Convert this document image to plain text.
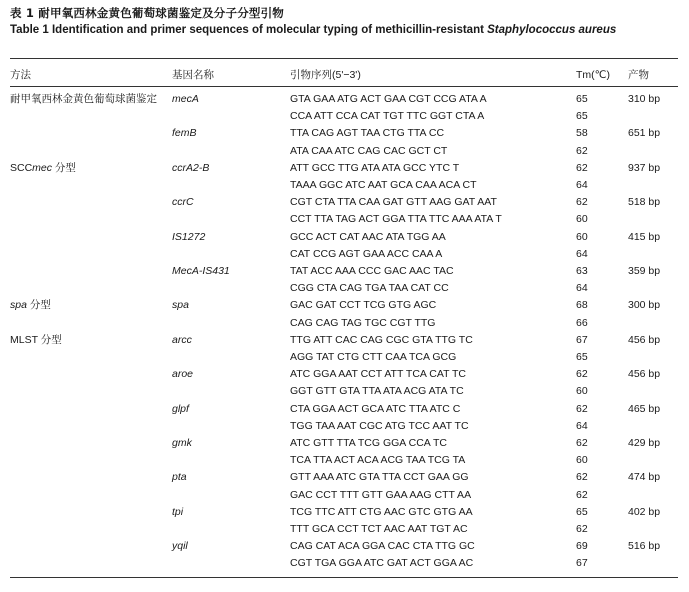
表 1 耐甲氧西林金黄色葡萄球菌鉴定及分子分型引物
Table 1 Identification and primer sequences of molecular typing of methicillin-resistant Staphylococcus aureus
方法	基因名称	引物序列(5'−3')	Tm(℃) 产物
耐甲氧西林金黄色葡萄球菌鉴定 mecA	GTA GAA ATG ACT GAA CGT CCG ATA A	65	310 bp
CCA ATT CCA CAT TGT TTC GGT CTA A	65
femB	TTA CAG AGT TAA CTG TTA CC	58	651 bp
ATA CAA ATC CAG CAC GCT CT	62
SCCmec 分型	ccrA2-B	ATT GCC TTG ATA ATA GCC YTC T	62	937 bp
TAAA GGC ATC AAT GCA CAA ACA CT	64
ccrC	CGT CTA TTA CAA GAT GTT AAG GAT AAT	62	518 bp
CCT TTA TAG ACT GGA TTA TTC AAA ATA T	60
IS1272	GCC ACT CAT AAC ATA TGG AA	60	415 bp
CAT CCG AGT GAA ACC CAA A	64
MecA-IS431	TAT ACC AAA CCC GAC AAC TAC	63	359 bp
CGG CTA CAG TGA TAA CAT CC	64
spa 分型	spa	GAC GAT CCT TCG GTG AGC	68	300 bp
CAG CAG TAG TGC CGT TTG	66
MLST 分型	arcc	TTG ATT CAC CAG CGC GTA TTG TC	67	456 bp
AGG TAT CTG CTT CAA TCA GCG	65
aroe	ATC GGA AAT CCT ATT TCA CAT TC	62	456 bp
GGT GTT GTA TTA ATA ACG ATA TC	60
glpf	CTA GGA ACT GCA ATC TTA ATC C	62	465 bp
TGG TAA AAT CGC ATG TCC AAT TC	64
gmk	ATC GTT TTA TCG GGA CCA TC	62	429 bp
TCA TTA ACT ACA ACG TAA TCG TA	60
pta	GTT AAA ATC GTA TTA CCT GAA GG	62	474 bp
GAC CCT TTT GTT GAA AAG CTT AA	62
tpi	TCG TTC ATT CTG AAC GTC GTG AA	65	402 bp
TTT GCA CCT TCT AAC AAT TGT AC	62
yqil	CAG CAT ACA GGA CAC CTA TTG GC	69	516 bp
CGT TGA GGA ATC GAT ACT GGA AC	67
